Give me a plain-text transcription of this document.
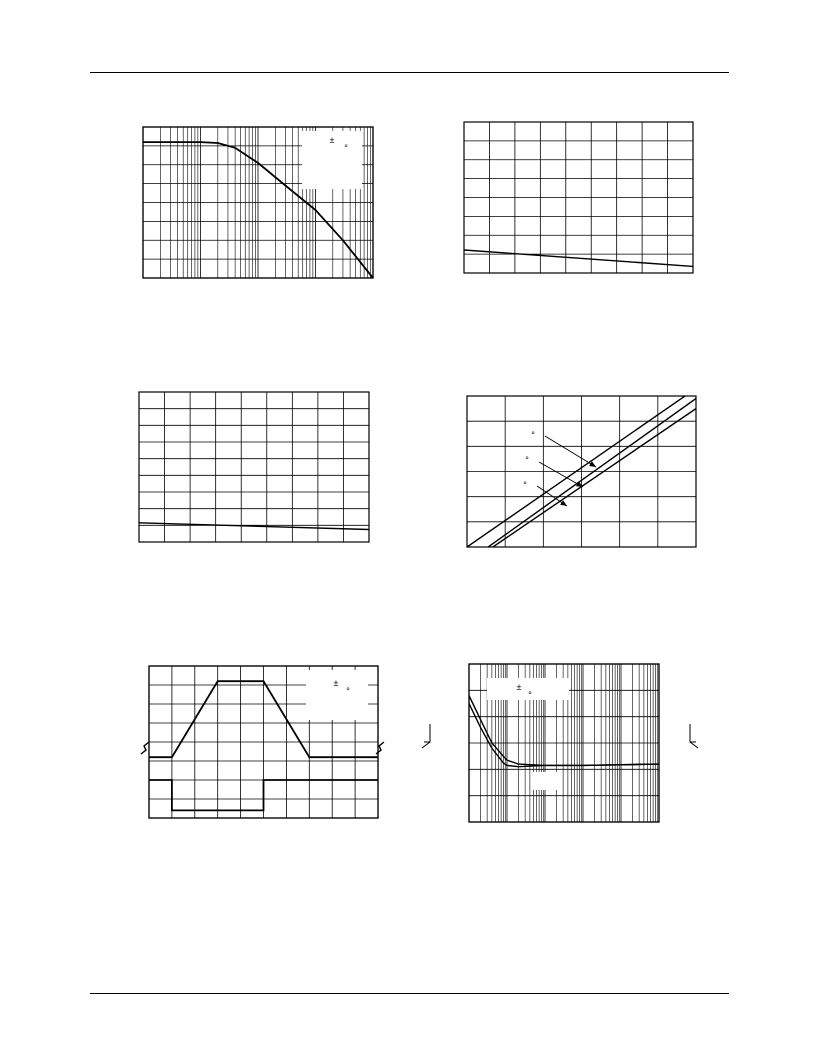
±
°
°
°
°
±
°	±
°
